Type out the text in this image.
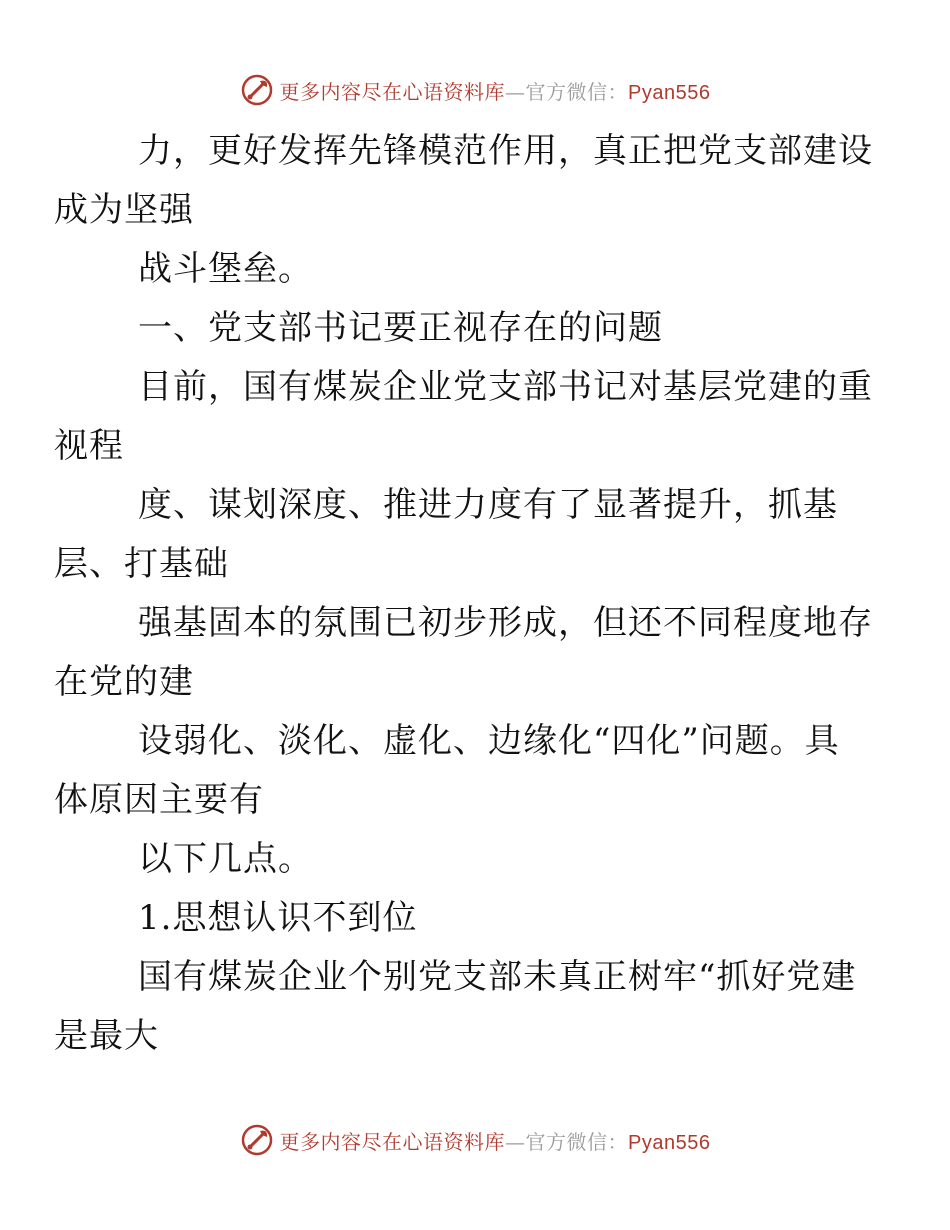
更多内容尽在心语资料库—官方微信：Pyan556

力，更好发挥先锋模范作用，真正把党支部建设
成为坚强

战斗堡垒。

一、党支部书记要正视存在的问题

目前，国有煤炭企业党支部书记对基层党建的重
视程

度、谋划深度、推进力度有了显著提升，抓基
层、打基础

强基固本的氛围已初步形成，但还不同程度地存
在党的建

设弱化、淡化、虚化、边缘化“四化”问题。具
体原因主要有

以下几点。

1.思想认识不到位

国有煤炭企业个别党支部未真正树牢“抓好党建
是最大

更多内容尽在心语资料库—官方微信：Pyan556
